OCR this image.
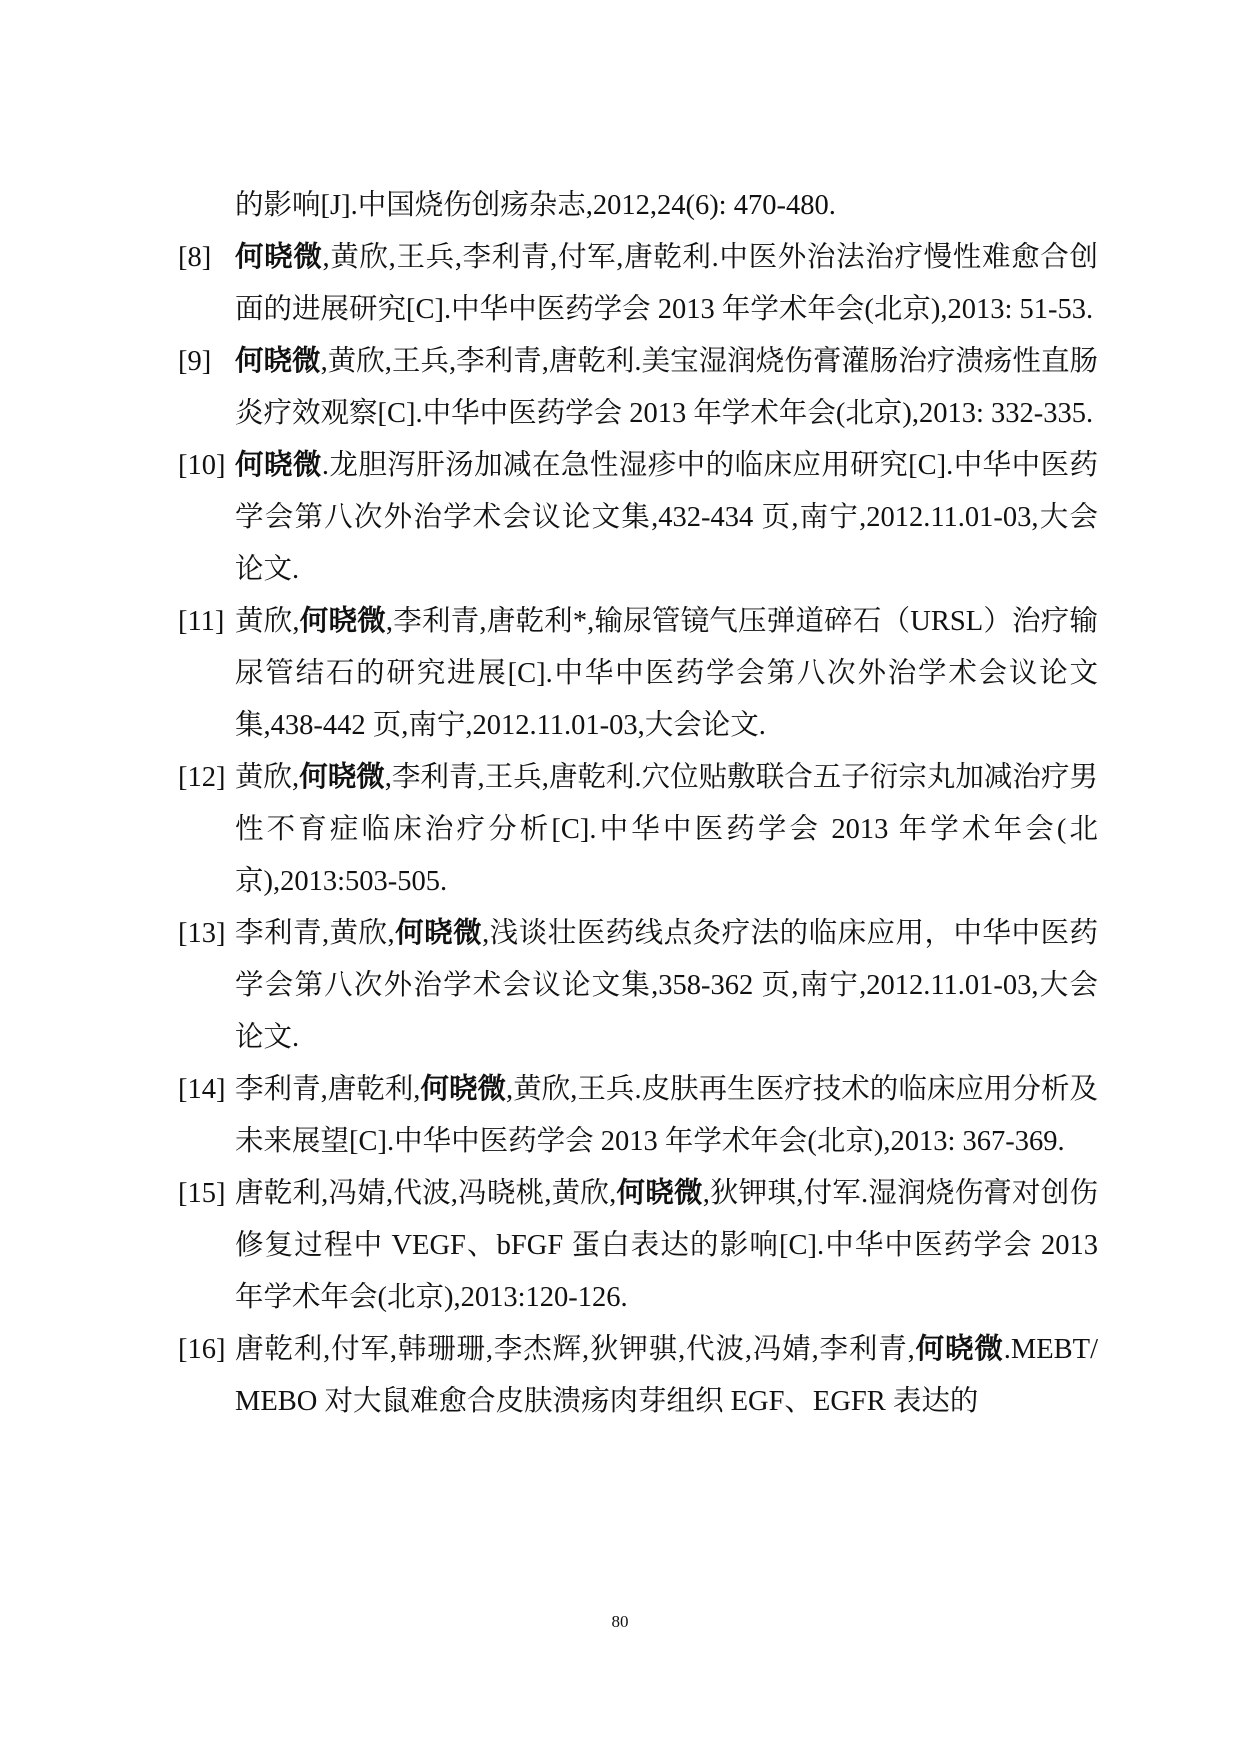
的影响[J].中国烧伤创疡杂志,2012,24(6): 470-480.
[8] 何晓微,黄欣,王兵,李利青,付军,唐乾利.中医外治法治疗慢性难愈合创面的进展研究[C].中华中医药学会 2013 年学术年会(北京),2013: 51-53.
[9] 何晓微,黄欣,王兵,李利青,唐乾利.美宝湿润烧伤膏灌肠治疗溃疡性直肠炎疗效观察[C].中华中医药学会 2013 年学术年会(北京),2013: 332-335.
[10] 何晓微.龙胆泻肝汤加减在急性湿疹中的临床应用研究[C].中华中医药学会第八次外治学术会议论文集,432-434 页,南宁,2012.11.01-03,大会论文.
[11] 黄欣,何晓微,李利青,唐乾利*,输尿管镜气压弹道碎石（URSL）治疗输尿管结石的研究进展[C].中华中医药学会第八次外治学术会议论文集,438-442 页,南宁,2012.11.01-03,大会论文.
[12] 黄欣,何晓微,李利青,王兵,唐乾利.穴位贴敷联合五子衍宗丸加减治疗男性不育症临床治疗分析[C].中华中医药学会 2013 年学术年会(北京),2013:503-505.
[13] 李利青,黄欣,何晓微,浅谈壮医药线点灸疗法的临床应用，中华中医药学会第八次外治学术会议论文集,358-362 页,南宁,2012.11.01-03,大会论文.
[14] 李利青,唐乾利,何晓微,黄欣,王兵.皮肤再生医疗技术的临床应用分析及未来展望[C].中华中医药学会 2013 年学术年会(北京),2013: 367-369.
[15] 唐乾利,冯婧,代波,冯晓桃,黄欣,何晓微,狄钾琪,付军.湿润烧伤膏对创伤修复过程中 VEGF、bFGF 蛋白表达的影响[C].中华中医药学会 2013 年学术年会(北京),2013:120-126.
[16] 唐乾利,付军,韩珊珊,李杰辉,狄钾骐,代波,冯婧,李利青,何晓微.MEBT/ MEBO 对大鼠难愈合皮肤溃疡肉芽组织 EGF、EGFR 表达的
80
